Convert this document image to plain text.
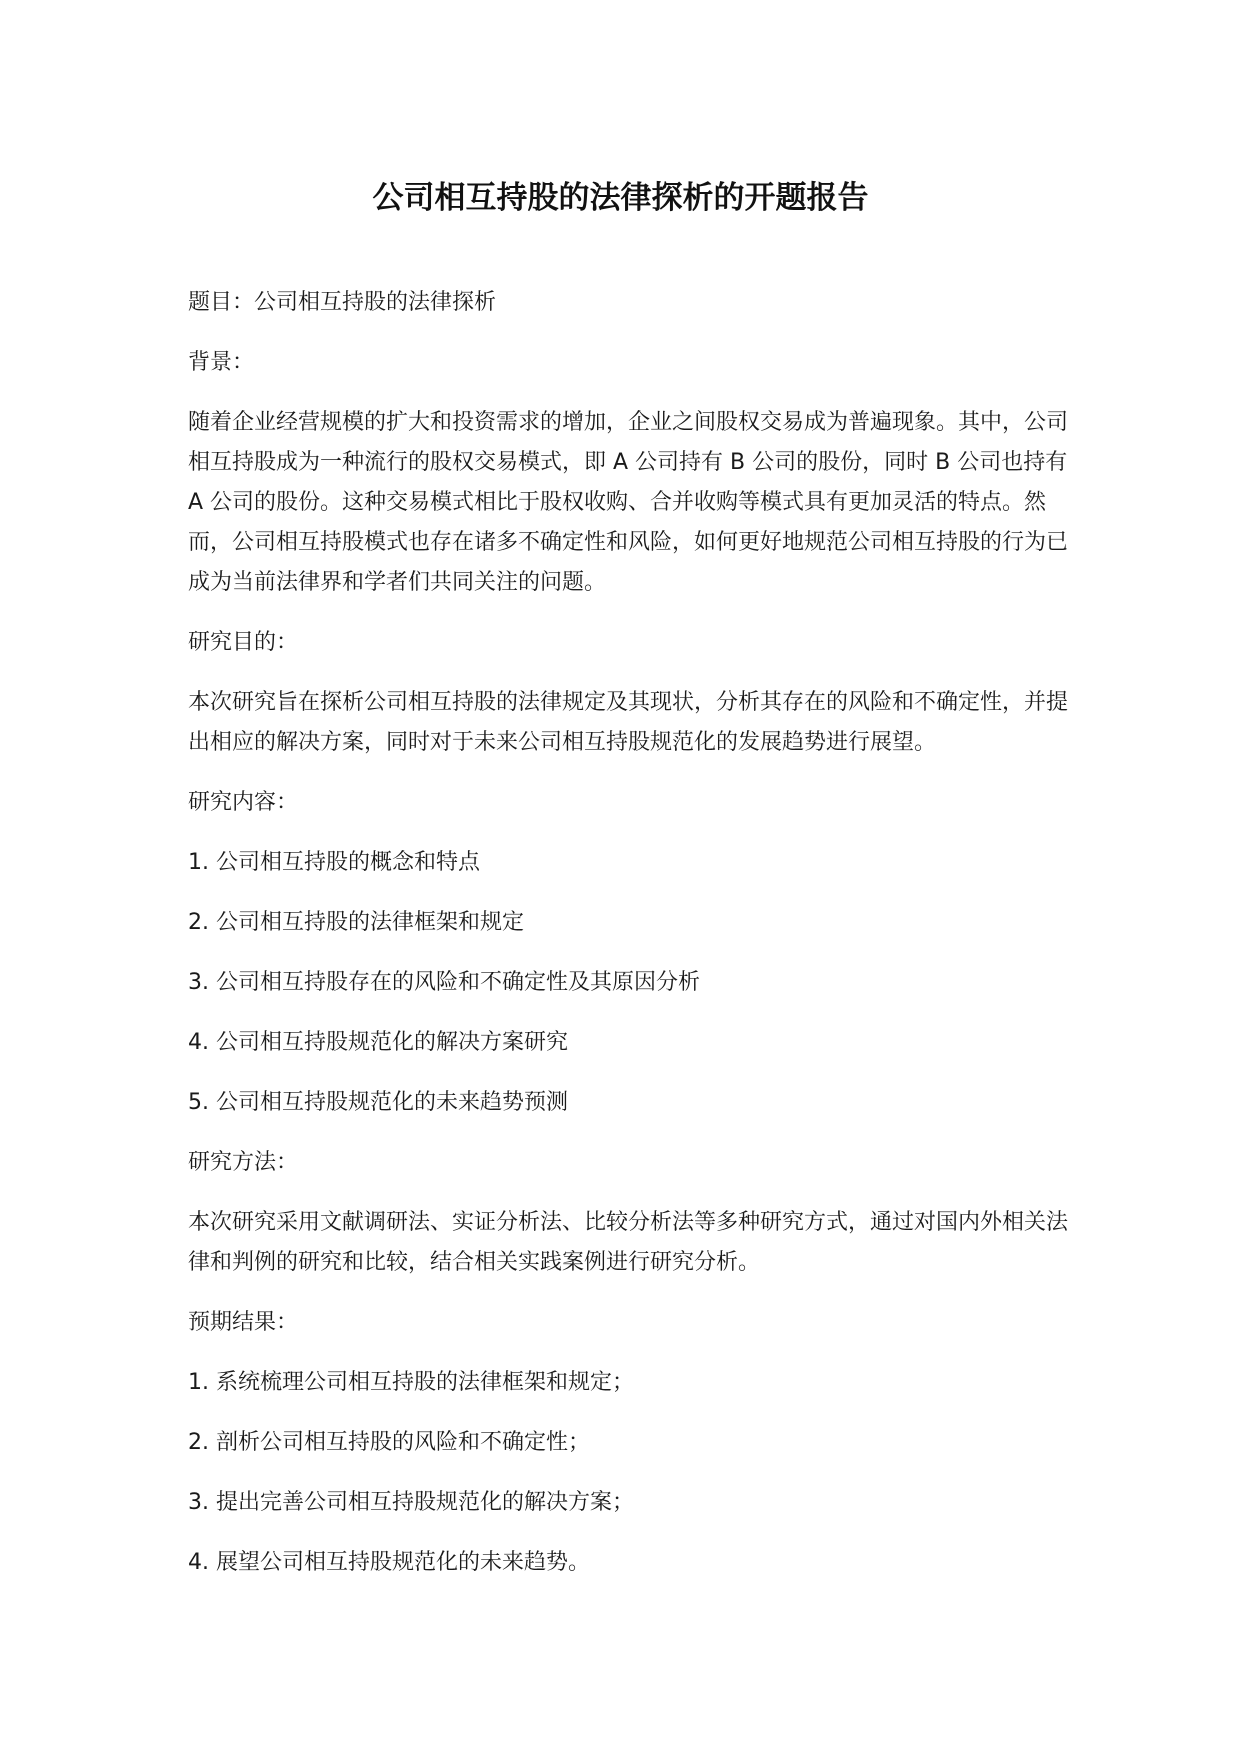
公司相互持股的法律探析的开题报告

题目：公司相互持股的法律探析

背景：

随着企业经营规模的扩大和投资需求的增加，企业之间股权交易成为普遍现象。其中，公司相互持股成为一种流行的股权交易模式，即 A 公司持有 B 公司的股份，同时 B 公司也持有 A 公司的股份。这种交易模式相比于股权收购、合并收购等模式具有更加灵活的特点。然而，公司相互持股模式也存在诸多不确定性和风险，如何更好地规范公司相互持股的行为已成为当前法律界和学者们共同关注的问题。

研究目的：

本次研究旨在探析公司相互持股的法律规定及其现状，分析其存在的风险和不确定性，并提出相应的解决方案，同时对于未来公司相互持股规范化的发展趋势进行展望。

研究内容：

1. 公司相互持股的概念和特点

2. 公司相互持股的法律框架和规定

3. 公司相互持股存在的风险和不确定性及其原因分析

4. 公司相互持股规范化的解决方案研究

5. 公司相互持股规范化的未来趋势预测

研究方法：

本次研究采用文献调研法、实证分析法、比较分析法等多种研究方式，通过对国内外相关法律和判例的研究和比较，结合相关实践案例进行研究分析。

预期结果：

1. 系统梳理公司相互持股的法律框架和规定；

2. 剖析公司相互持股的风险和不确定性；

3. 提出完善公司相互持股规范化的解决方案；

4. 展望公司相互持股规范化的未来趋势。
